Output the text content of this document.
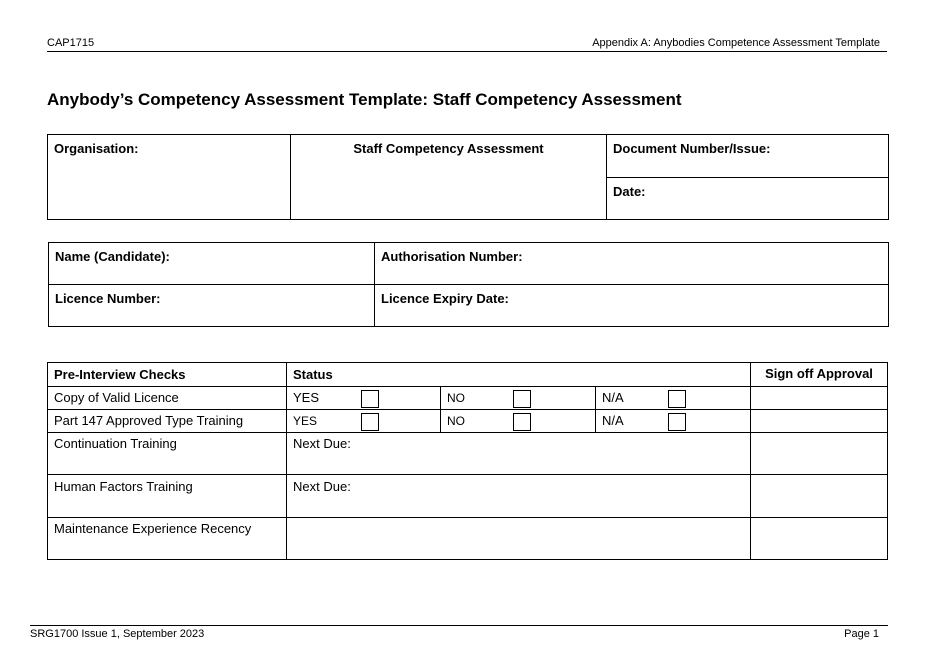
CAP1715	Appendix A: Anybodies Competence Assessment Template
Anybody’s Competency Assessment Template: Staff Competency Assessment
Organisation:	Staff Competency Assessment	Document Number/Issue:
Date:
Name (Candidate):	Authorisation Number:
Licence Number:	Licence Expiry Date:
Pre-Interview Checks	Status			Sign off Approval
Copy of Valid Licence	YES	NO	N/A	
Part 147 Approved Type Training	YES	NO	N/A	
Continuation Training	Next Due:			
Human Factors Training	Next Due:			
Maintenance Experience Recency				
SRG1700 Issue 1, September 2023	Page 1
